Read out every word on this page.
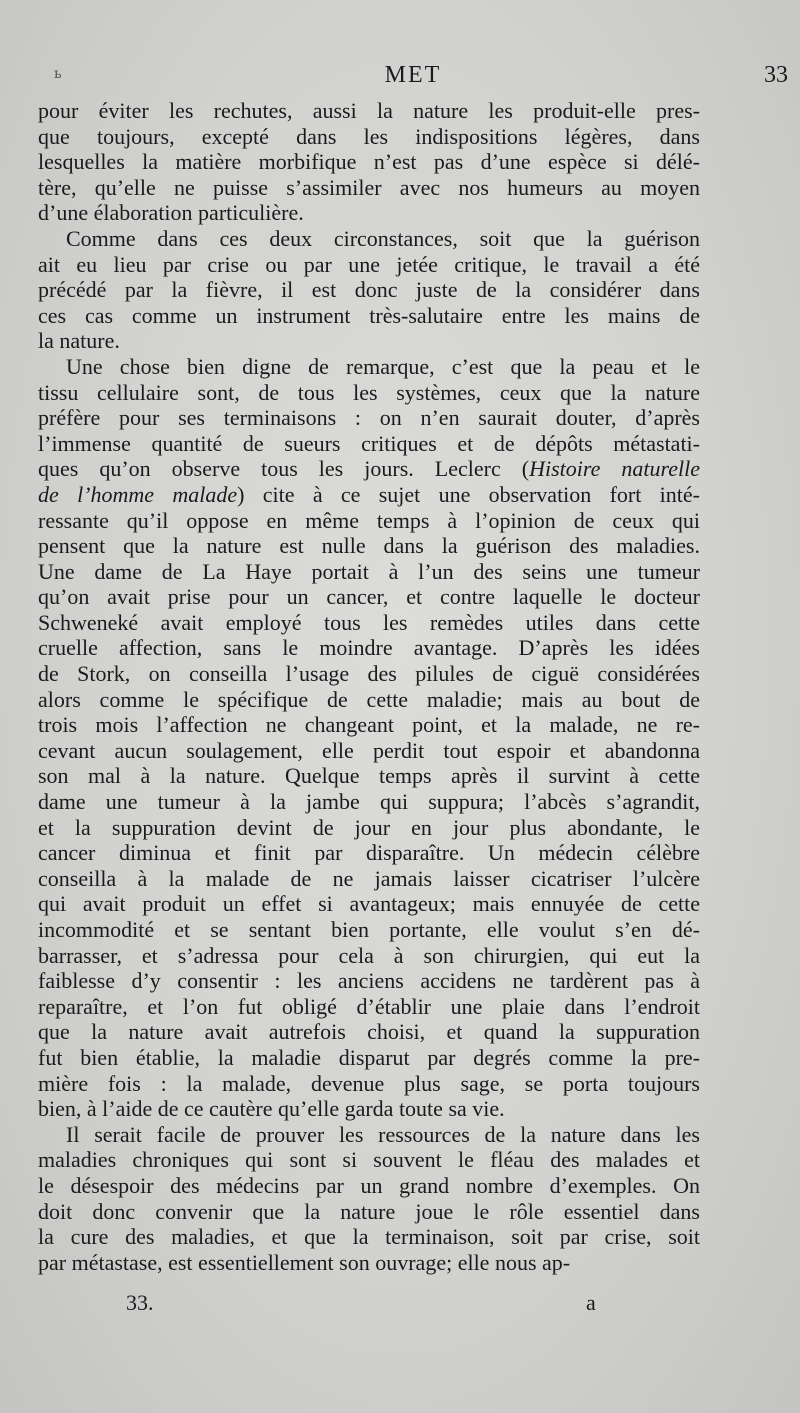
ь	MET	33
pour éviter les rechutes, aussi la nature les produit-elle pres-
que toujours, excepté dans les indispositions légères, dans
lesquelles la matière morbifique n’est pas d’une espèce si délé-
tère, qu’elle ne puisse s’assimiler avec nos humeurs au moyen
d’une élaboration particulière.
Comme dans ces deux circonstances, soit que la guérison
ait eu lieu par crise ou par une jetée critique, le travail a été
précédé par la fièvre, il est donc juste de la considérer dans
ces cas comme un instrument très-salutaire entre les mains de
la nature.
Une chose bien digne de remarque, c’est que la peau et le
tissu cellulaire sont, de tous les systèmes, ceux que la nature
préfère pour ses terminaisons : on n’en saurait douter, d’après
l’immense quantité de sueurs critiques et de dépôts métastati-
ques qu’on observe tous les jours. Leclerc (Histoire naturelle
de l’homme malade) cite à ce sujet une observation fort inté-
ressante qu’il oppose en même temps à l’opinion de ceux qui
pensent que la nature est nulle dans la guérison des maladies.
Une dame de La Haye portait à l’un des seins une tumeur
qu’on avait prise pour un cancer, et contre laquelle le docteur
Schweneké avait employé tous les remèdes utiles dans cette
cruelle affection, sans le moindre avantage. D’après les idées
de Stork, on conseilla l’usage des pilules de ciguë considérées
alors comme le spécifique de cette maladie; mais au bout de
trois mois l’affection ne changeant point, et la malade, ne re-
cevant aucun soulagement, elle perdit tout espoir et abandonna
son mal à la nature. Quelque temps après il survint à cette
dame une tumeur à la jambe qui suppura; l’abcès s’agrandit,
et la suppuration devint de jour en jour plus abondante, le
cancer diminua et finit par disparaître. Un médecin célèbre
conseilla à la malade de ne jamais laisser cicatriser l’ulcère
qui avait produit un effet si avantageux; mais ennuyée de cette
incommodité et se sentant bien portante, elle voulut s’en dé-
barrasser, et s’adressa pour cela à son chirurgien, qui eut la
faiblesse d’y consentir : les anciens accidens ne tardèrent pas à
reparaître, et l’on fut obligé d’établir une plaie dans l’endroit
que la nature avait autrefois choisi, et quand la suppuration
fut bien établie, la maladie disparut par degrés comme la pre-
mière fois : la malade, devenue plus sage, se porta toujours
bien, à l’aide de ce cautère qu’elle garda toute sa vie.
Il serait facile de prouver les ressources de la nature dans les
maladies chroniques qui sont si souvent le fléau des malades et
le désespoir des médecins par un grand nombre d’exemples. On
doit donc convenir que la nature joue le rôle essentiel dans
la cure des maladies, et que la terminaison, soit par crise, soit
par métastase, est essentiellement son ouvrage; elle nous ap-
33.	a
